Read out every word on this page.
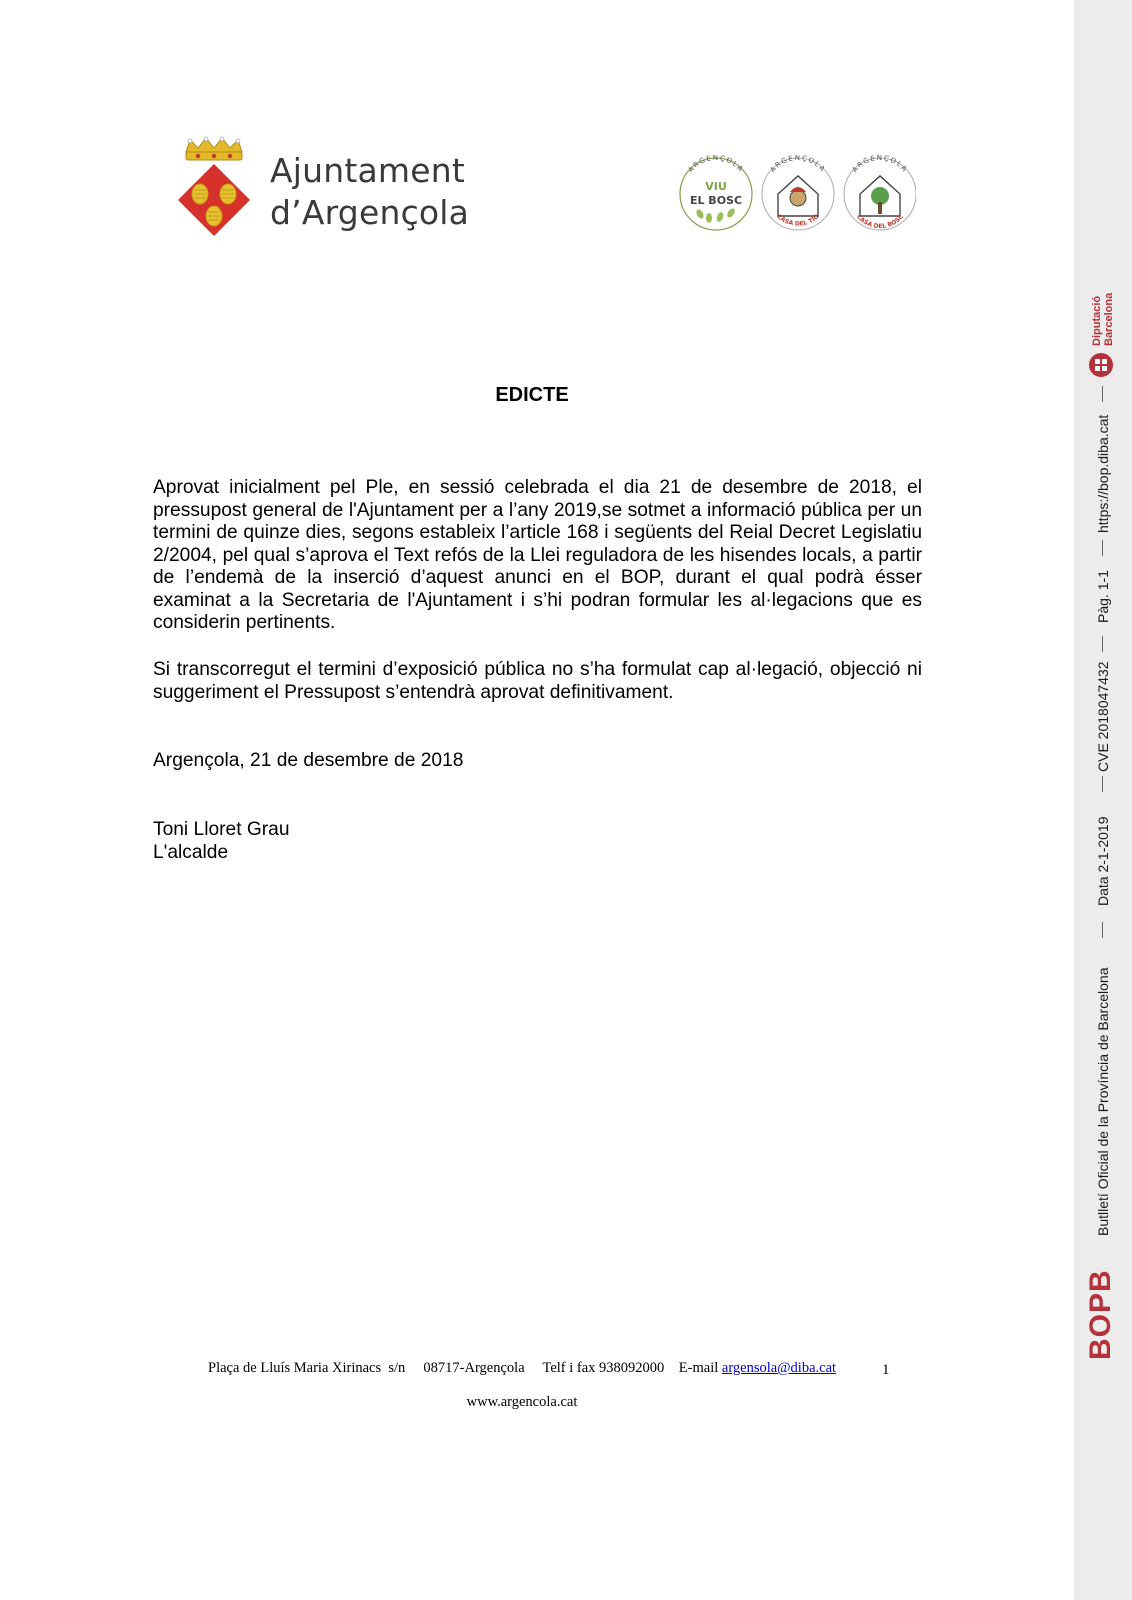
Ajuntament
d’Argençola
ARGENÇOLA
VIU
EL BOSC
ARGENÇOLA
CASA DEL TIÓ
ARGENÇOLA
CASA DEL BOSC
EDICTE
Aprovat inicialment pel Ple, en sessió celebrada el dia 21 de desembre de 2018, el pressupost general de l'Ajuntament per a l’any 2019,se sotmet a informació pública per un termini de quinze dies, segons estableix l’article 168 i següents del Reial Decret Legislatiu 2/2004, pel qual s’aprova el Text refós de la Llei reguladora de les hisendes locals, a partir de l’endemà de la inserció d’aquest anunci en el BOP, durant el qual podrà ésser examinat a la Secretaria de l'Ajuntament i s’hi podran formular les al·legacions que es considerin pertinents.
Si transcorregut el termini d’exposició pública no s’ha formulat cap al·legació, objecció ni suggeriment el Pressupost s’entendrà aprovat definitivament.
Argençola, 21 de desembre de 2018
Toni Lloret Grau
L'alcalde
Plaça de Lluís Maria Xirinacs  s/n     08717-Argençola     Telf i fax 938092000    E-mail argensola@diba.cat	1
www.argencola.cat
BOPB
Butlletí Oficial de la Província de Barcelona
Data 2-1-2019
CVE 2018047432
Pàg. 1-1
https://bop.diba.cat
Diputació Barcelona
